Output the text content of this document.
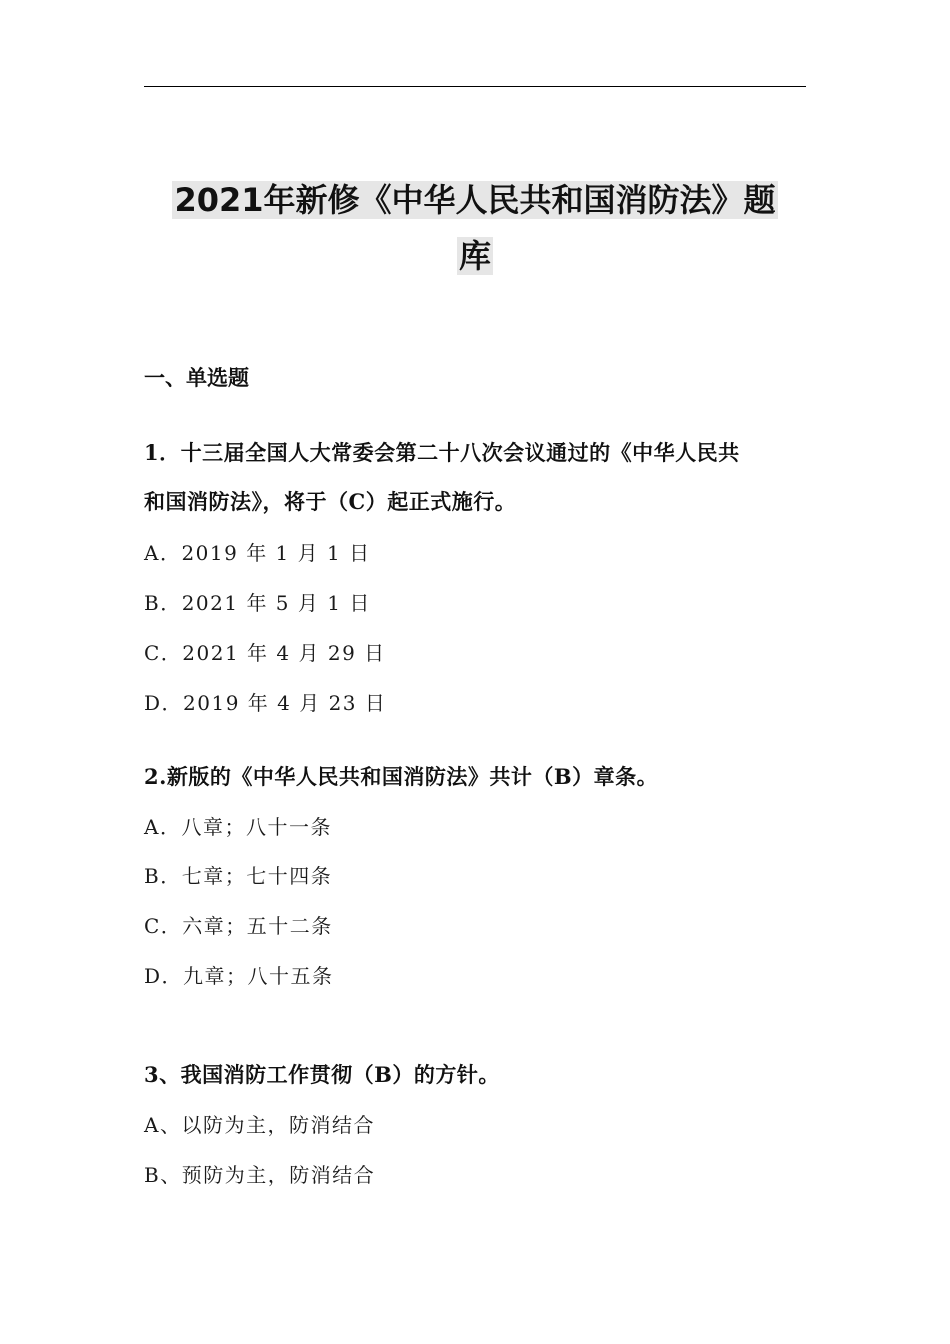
2021年新修《中华人民共和国消防法》题
库

一、单选题

1．十三届全国人大常委会第二十八次会议通过的《中华人民共

和国消防法》，将于（C）起正式施行。

A．2019 年 1 月 1 日

B．2021 年 5 月 1 日

C．2021 年 4 月 29 日

D．2019 年 4 月 23 日

2.新版的《中华人民共和国消防法》共计（B）章条。

A．八章；八十一条

B．七章；七十四条

C．六章；五十二条

D．九章；八十五条

3、我国消防工作贯彻（B）的方针。

A、以防为主，防消结合

B、预防为主，防消结合
